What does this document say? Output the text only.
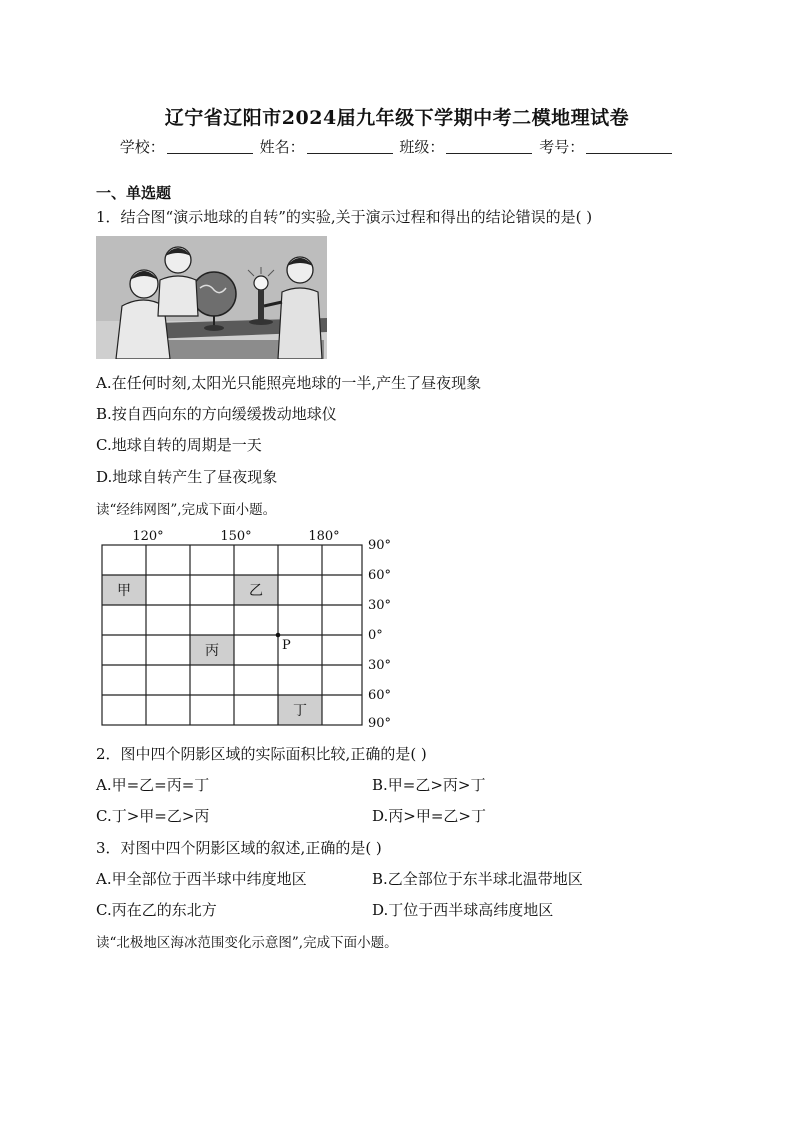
辽宁省辽阳市2024届九年级下学期中考二模地理试卷
学校：	姓名：	班级：	考号：
一、单选题
1．结合图“演示地球的自转”的实验,关于演示过程和得出的结论错误的是( )
A.在任何时刻,太阳光只能照亮地球的一半,产生了昼夜现象
B.按自西向东的方向缓缓拨动地球仪
C.地球自转的周期是一天
D.地球自转产生了昼夜现象
读“经纬网图”,完成下面小题。
120°	150°	180°
90°
60°
30°
0°
30°
60°
90°
甲	乙
丙
丁
P
2．图中四个阴影区域的实际面积比较,正确的是( )
A.甲=乙=丙=丁	B.甲=乙>丙>丁
C.丁>甲=乙>丙	D.丙>甲=乙>丁
3．对图中四个阴影区域的叙述,正确的是( )
A.甲全部位于西半球中纬度地区	B.乙全部位于东半球北温带地区
C.丙在乙的东北方	D.丁位于西半球高纬度地区
读“北极地区海冰范围变化示意图”,完成下面小题。
